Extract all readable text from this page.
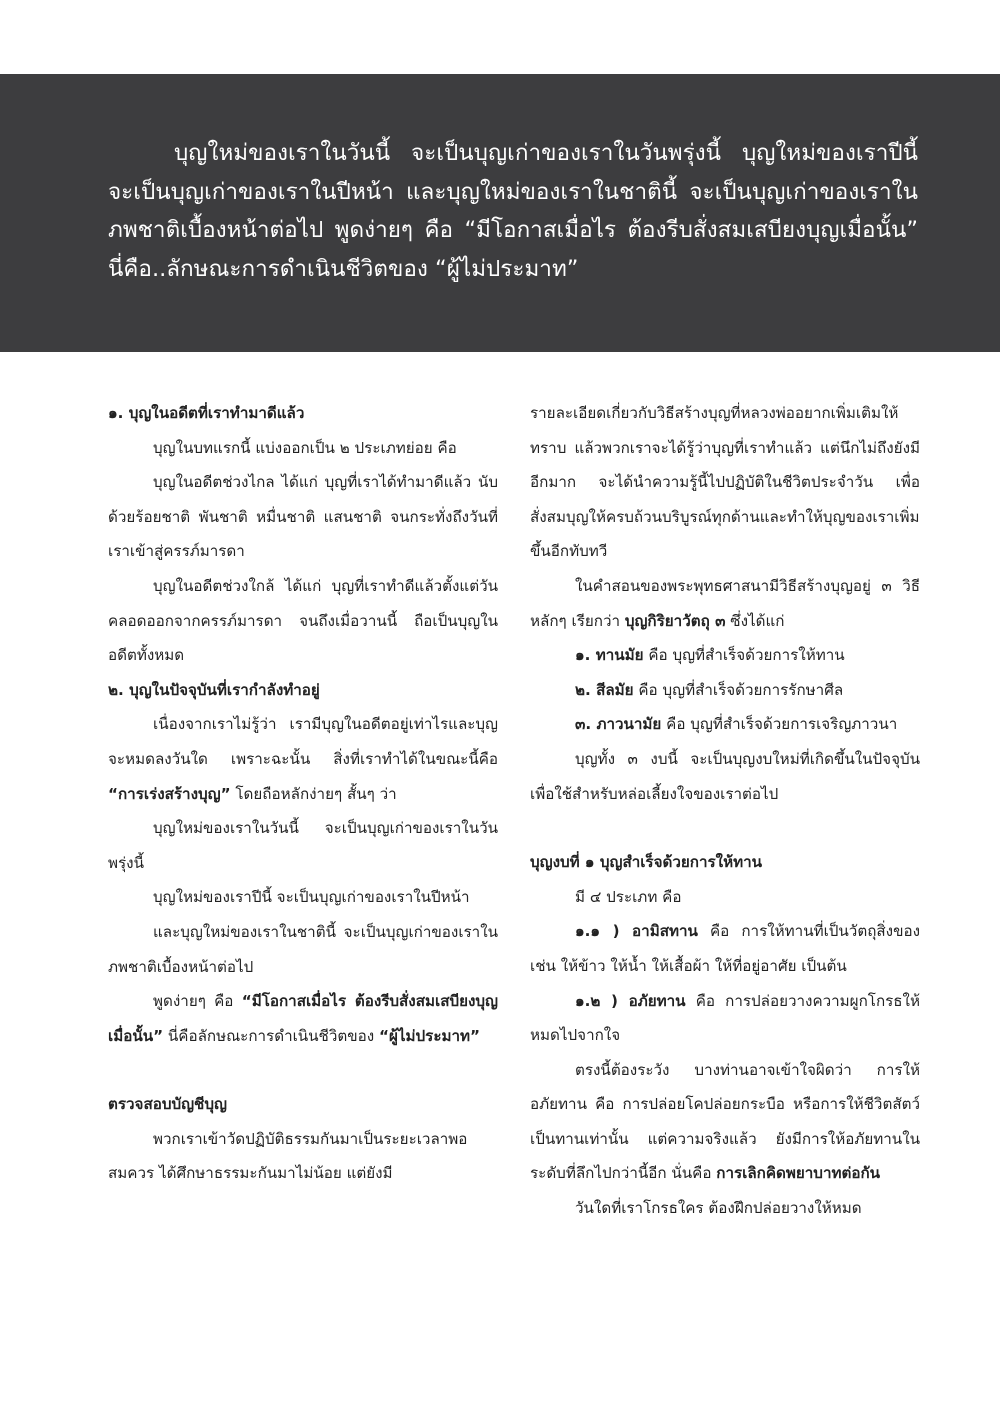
บุญใหม่ของเราในวันนี้ จะเป็นบุญเก่าของเราในวันพรุ่งนี้ บุญใหม่ของเราปีนี้ จะเป็นบุญเก่าของเราในปีหน้า และบุญใหม่ของเราในชาตินี้ จะเป็นบุญเก่าของเราในภพชาติเบื้องหน้าต่อไป พูดง่ายๆ คือ “มีโอกาสเมื่อไร ต้องรีบสั่งสมเสบียงบุญเมื่อนั้น” นี่คือ..ลักษณะการดำเนินชีวิตของ “ผู้ไม่ประมาท”

๑. บุญในอดีตที่เราทำมาดีแล้ว

บุญในบทแรกนี้ แบ่งออกเป็น ๒ ประเภทย่อย คือ

บุญในอดีตช่วงไกล ได้แก่ บุญที่เราได้ทำมาดีแล้ว นับด้วยร้อยชาติ พันชาติ หมื่นชาติ แสนชาติ จนกระทั่งถึงวันที่เราเข้าสู่ครรภ์มารดา

บุญในอดีตช่วงใกล้ ได้แก่ บุญที่เราทำดีแล้วตั้งแต่วันคลอดออกจากครรภ์มารดา จนถึงเมื่อวานนี้ ถือเป็นบุญในอดีตทั้งหมด

๒. บุญในปัจจุบันที่เรากำลังทำอยู่

เนื่องจากเราไม่รู้ว่า เรามีบุญในอดีตอยู่เท่าไรและบุญจะหมดลงวันใด เพราะฉะนั้น สิ่งที่เราทำได้ในขณะนี้คือ “การเร่งสร้างบุญ” โดยถือหลักง่ายๆ สั้นๆ ว่า

บุญใหม่ของเราในวันนี้ จะเป็นบุญเก่าของเราในวันพรุ่งนี้

บุญใหม่ของเราปีนี้ จะเป็นบุญเก่าของเราในปีหน้า

และบุญใหม่ของเราในชาตินี้ จะเป็นบุญเก่าของเราในภพชาติเบื้องหน้าต่อไป

พูดง่ายๆ คือ “มีโอกาสเมื่อไร ต้องรีบสั่งสมเสบียงบุญเมื่อนั้น” นี่คือลักษณะการดำเนินชีวิตของ “ผู้ไม่ประมาท”

ตรวจสอบบัญชีบุญ

พวกเราเข้าวัดปฏิบัติธรรมกันมาเป็นระยะเวลาพอสมควร ได้ศึกษาธรรมะกันมาไม่น้อย แต่ยังมี

รายละเอียดเกี่ยวกับวิธีสร้างบุญที่หลวงพ่ออยากเพิ่มเติมให้ทราบ แล้วพวกเราจะได้รู้ว่าบุญที่เราทำแล้ว แต่นึกไม่ถึงยังมีอีกมาก จะได้นำความรู้นี้ไปปฏิบัติในชีวิตประจำวัน เพื่อสั่งสมบุญให้ครบถ้วนบริบูรณ์ทุกด้านและทำให้บุญของเราเพิ่มขึ้นอีกทับทวี

ในคำสอนของพระพุทธศาสนามีวิธีสร้างบุญอยู่ ๓ วิธีหลักๆ เรียกว่า บุญกิริยาวัตถุ ๓ ซึ่งได้แก่

๑. ทานมัย คือ บุญที่สำเร็จด้วยการให้ทาน

๒. สีลมัย คือ บุญที่สำเร็จด้วยการรักษาศีล

๓. ภาวนามัย คือ บุญที่สำเร็จด้วยการเจริญภาวนา

บุญทั้ง ๓ งบนี้ จะเป็นบุญงบใหม่ที่เกิดขึ้นในปัจจุบัน เพื่อใช้สำหรับหล่อเลี้ยงใจของเราต่อไป

บุญงบที่ ๑ บุญสำเร็จด้วยการให้ทาน

มี ๔ ประเภท คือ

๑.๑ ) อามิสทาน คือ การให้ทานที่เป็นวัตถุสิ่งของ เช่น ให้ข้าว ให้น้ำ ให้เสื้อผ้า ให้ที่อยู่อาศัย เป็นต้น

๑.๒ ) อภัยทาน คือ การปล่อยวางความผูกโกรธให้หมดไปจากใจ

ตรงนี้ต้องระวัง บางท่านอาจเข้าใจผิดว่า การให้อภัยทาน คือ การปล่อยโคปล่อยกระบือ หรือการให้ชีวิตสัตว์เป็นทานเท่านั้น แต่ความจริงแล้ว ยังมีการให้อภัยทานในระดับที่ลึกไปกว่านี้อีก นั่นคือ การเลิกคิดพยาบาทต่อกัน

วันใดที่เราโกรธใคร ต้องฝึกปล่อยวางให้หมด
